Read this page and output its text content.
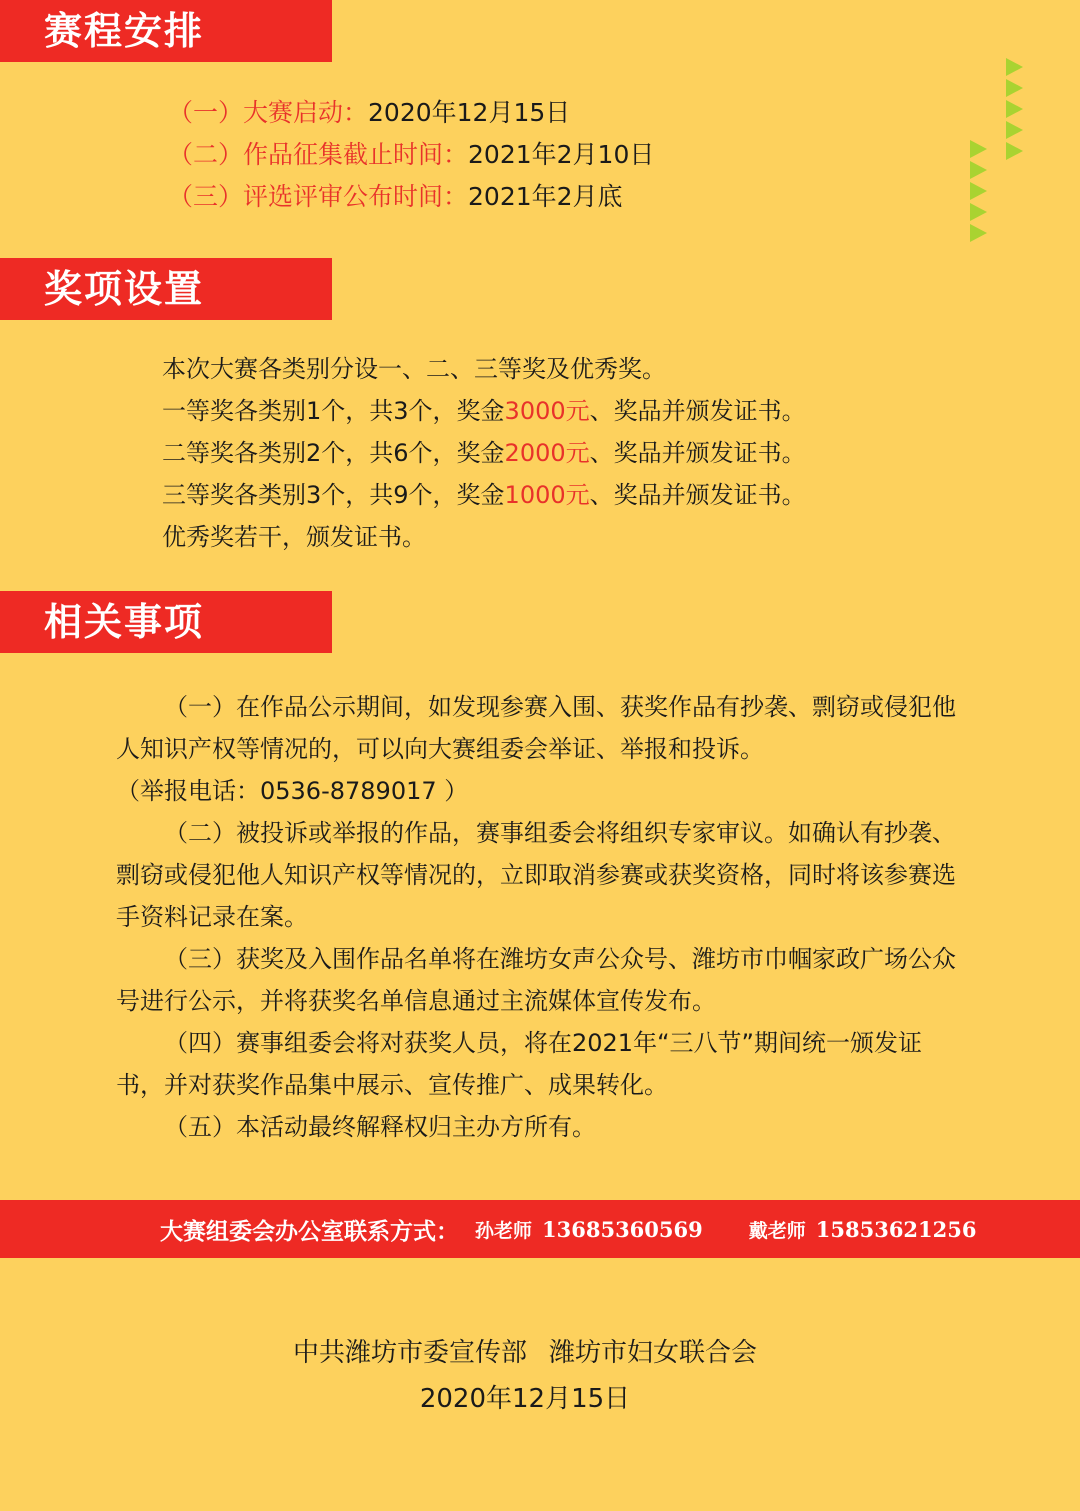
赛程安排
（一）大赛启动：2020年12月15日
（二）作品征集截止时间：2021年2月10日
（三）评选评审公布时间：2021年2月底
奖项设置
本次大赛各类别分设一、二、三等奖及优秀奖。
一等奖各类别1个，共3个，奖金3000元、奖品并颁发证书。
二等奖各类别2个，共6个，奖金2000元、奖品并颁发证书。
三等奖各类别3个，共9个，奖金1000元、奖品并颁发证书。
优秀奖若干，颁发证书。
相关事项

（一）在作品公示期间，如发现参赛入围、获奖作品有抄袭、剽窃或侵犯他人知识产权等情况的，可以向大赛组委会举证、举报和投诉。

（举报电话：0536-8789017 ）

（二）被投诉或举报的作品，赛事组委会将组织专家审议。如确认有抄袭、剽窃或侵犯他人知识产权等情况的，立即取消参赛或获奖资格，同时将该参赛选手资料记录在案。

（三）获奖及入围作品名单将在潍坊女声公众号、潍坊市巾帼家政广场公众号进行公示，并将获奖名单信息通过主流媒体宣传发布。

（四）赛事组委会将对获奖人员，将在2021年“三八节”期间统一颁发证书，并对获奖作品集中展示、宣传推广、成果转化。

（五）本活动最终解释权归主办方所有。

大赛组委会办公室联系方式： 孙老师 13685360569 戴老师 15853621256
中共潍坊市委宣传部 潍坊市妇女联合会
2020年12月15日
